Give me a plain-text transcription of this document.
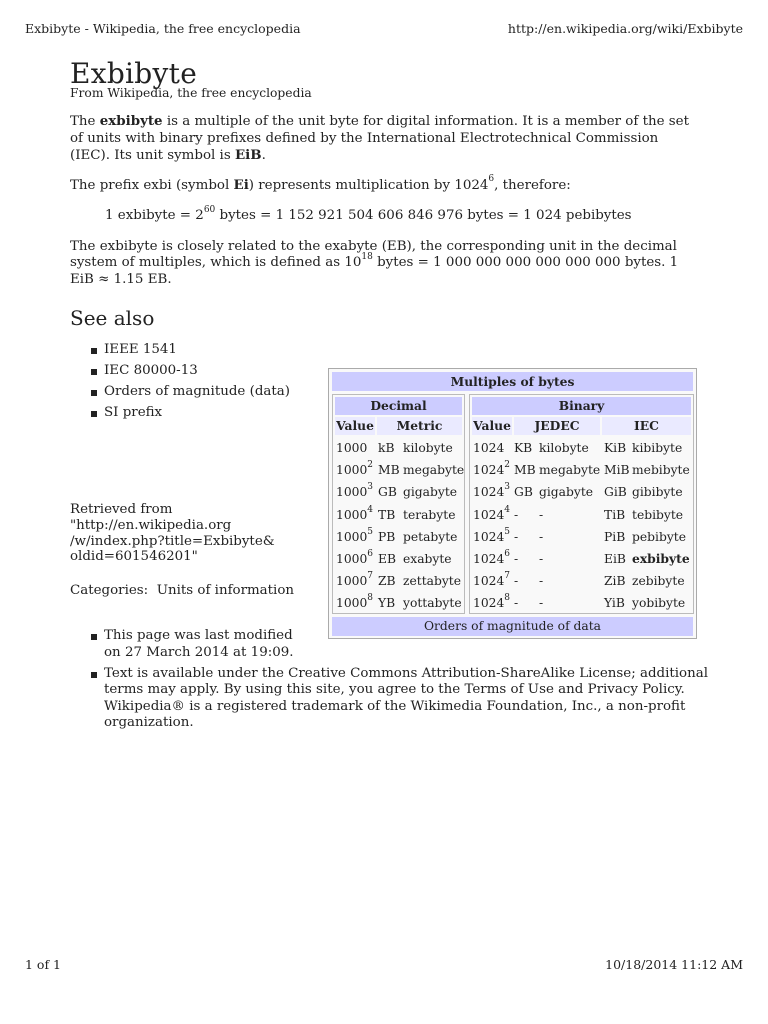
Exbibyte - Wikipedia, the free encyclopedia	http://en.wikipedia.org/wiki/Exbibyte
Exbibyte
From Wikipedia, the free encyclopedia

The exbibyte is a multiple of the unit byte for digital information. It is a member of the set of units with binary prefixes defined by the International Electrotechnical Commission (IEC). Its unit symbol is EiB.

The prefix exbi (symbol Ei) represents multiplication by 1024$^6$, therefore:

1 exbibyte = $2^{60}$ bytes = 1 152 921 504 606 846 976 bytes = 1 024 pebibytes

The exbibyte is closely related to the exabyte (EB), the corresponding unit in the decimal system of multiples, which is defined as $10^{18}$ bytes = 1 000 000 000 000 000 000 bytes. 1 EiB ≈ 1.15 EB.

See also
IEEE 1541
IEC 80000-13
Orders of magnitude (data)
SI prefix
Retrieved from
"http://en.wikipedia.org
/w/index.php?title=Exbibyte&
oldid=601546201"
Categories: Units of information
This page was last modified
on 27 March 2014 at 19:09.
Text is available under the Creative Commons Attribution-ShareAlike License; additional terms may apply. By using this site, you agree to the Terms of Use and Privacy Policy. Wikipedia® is a registered trademark of the Wikimedia Foundation, Inc., a non-profit organization.
Multiples of bytes
Decimal
Value	Metric
1000 kB kilobyte
1000$^2$ MB megabyte
1000$^3$ GB gigabyte
1000$^4$ TB terabyte
1000$^5$ PB petabyte
1000$^6$ EB exabyte
1000$^7$ ZB zettabyte
1000$^8$ YB yottabyte
Binary
Value	JEDEC	IEC
1024 KB kilobyte KiB kibibyte
1024$^2$ MB megabyte MiB mebibyte
1024$^3$ GB gigabyte GiB gibibyte
1024$^4$ - -	TiB tebibyte
1024$^5$ - -	PiB pebibyte
1024$^6$ - -	EiB exbibyte
1024$^7$ - -	ZiB zebibyte
1024$^8$ - -	YiB yobibyte
Orders of magnitude of data
1 of 1	10/18/2014 11:12 AM
